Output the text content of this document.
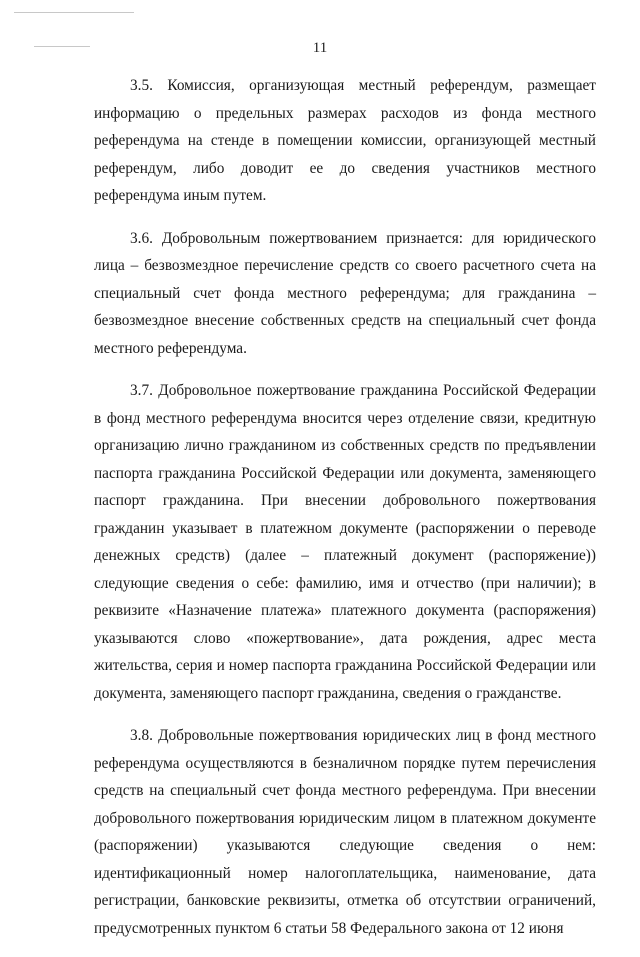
11

3.5. Комиссия, организующая местный референдум, размещает информацию о предельных размерах расходов из фонда местного референдума на стенде в помещении комиссии, организующей местный референдум, либо доводит ее до сведения участников местного референдума иным путем.

3.6. Добровольным пожертвованием признается: для юридического лица – безвозмездное перечисление средств со своего расчетного счета на специальный счет фонда местного референдума; для гражданина – безвозмездное внесение собственных средств на специальный счет фонда местного референдума.

3.7. Добровольное пожертвование гражданина Российской Федерации в фонд местного референдума вносится через отделение связи, кредитную организацию лично гражданином из собственных средств по предъявлении паспорта гражданина Российской Федерации или документа, заменяющего паспорт гражданина. При внесении добровольного пожертвования гражданин указывает в платежном документе (распоряжении о переводе денежных средств) (далее – платежный документ (распоряжение)) следующие сведения о себе: фамилию, имя и отчество (при наличии); в реквизите «Назначение платежа» платежного документа (распоряжения) указываются слово «пожертвование», дата рождения, адрес места жительства, серия и номер паспорта гражданина Российской Федерации или документа, заменяющего паспорт гражданина, сведения о гражданстве.

3.8. Добровольные пожертвования юридических лиц в фонд местного референдума осуществляются в безналичном порядке путем перечисления средств на специальный счет фонда местного референдума. При внесении добровольного пожертвования юридическим лицом в платежном документе (распоряжении) указываются следующие сведения о нем: идентификационный номер налогоплательщика, наименование, дата регистрации, банковские реквизиты, отметка об отсутствии ограничений, предусмотренных пунктом 6 статьи 58 Федерального закона от 12 июня
